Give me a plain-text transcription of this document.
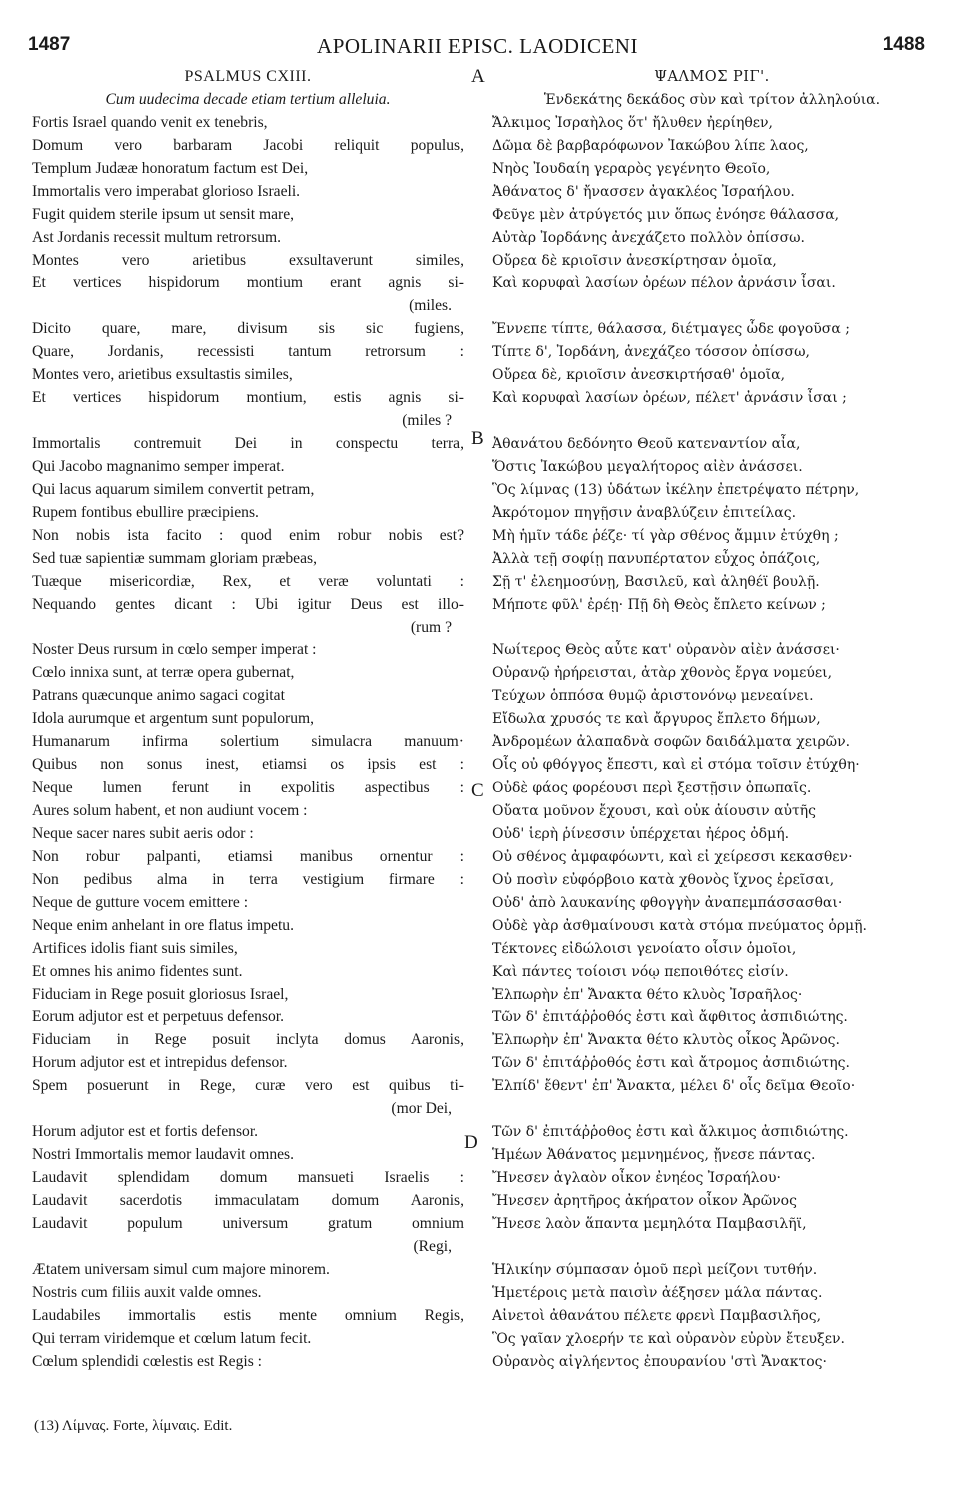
1487	APOLINARII EPISC. LAODICENI	1488
PSALMUS CXIII.
Cum uudecima decade etiam tertium alleluia.
Fortis Israel quando venit ex tenebris,
Domum vero barbaram Jacobi reliquit populus,
Templum Judææ honoratum factum est Dei,
Immortalis vero imperabat glorioso Israeli.
Fugit quidem sterile ipsum ut sensit mare,
Ast Jordanis recessit multum retrorsum.
Montes vero arietibus exsultaverunt similes,
Et vertices hispidorum montium erant agnis si-
(miles.
Dicito quare, mare, divisum sis sic fugiens,
Quare, Jordanis, recessisti tantum retrorsum :
Montes vero, arietibus exsultastis similes,
Et vertices hispidorum montium, estis agnis si-
(miles ?
Immortalis contremuit Dei in conspectu terra,
Qui Jacobo magnanimo semper imperat.
Qui lacus aquarum similem convertit petram,
Rupem fontibus ebullire præcipiens.
Non nobis ista facito : quod enim robur nobis est?
Sed tuæ sapientiæ summam gloriam præbeas,
Tuæque misericordiæ, Rex, et veræ voluntati :
Nequando gentes dicant : Ubi igitur Deus est illo-
(rum ?
Noster Deus rursum in cœlo semper imperat :
Cœlo innixa sunt, at terræ opera gubernat,
Patrans quæcunque animo sagaci cogitat
Idola aurumque et argentum sunt populorum,
Humanarum infirma solertium simulacra manuum·
Quibus non sonus inest, etiamsi os ipsis est :
Neque lumen ferunt in expolitis aspectibus :
Aures solum habent, et non audiunt vocem :
Neque sacer nares subit aeris odor :
Non robur palpanti, etiamsi manibus ornentur :
Non pedibus alma in terra vestigium firmare :
Neque de gutture vocem emittere :
Neque enim anhelant in ore flatus impetu.
Artifices idolis fiant suis similes,
Et omnes his animo fidentes sunt.
Fiduciam in Rege posuit gloriosus Israel,
Eorum adjutor est et perpetuus defensor.
Fiduciam in Rege posuit inclyta domus Aaronis,
Horum adjutor est et intrepidus defensor.
Spem posuerunt in Rege, curæ vero est quibus ti-
(mor Dei,
Horum adjutor est et fortis defensor.
Nostri Immortalis memor laudavit omnes.
Laudavit splendidam domum mansueti Israelis :
Laudavit sacerdotis immaculatam domum Aaronis,
Laudavit populum universum gratum omnium
(Regi,
Ætatem universam simul cum majore minorem.
Nostris cum filiis auxit valde omnes.
Laudabiles immortalis estis mente omnium Regis,
Qui terram viridemque et cœlum latum fecit.
Cœlum splendidi cœlestis est Regis :
ΨΑΛΜΟΣ ΡΙΓ'.
Ἑνδεκάτης δεκάδος σὺν καὶ τρίτον ἀλληλούια.
Ἄλκιμος Ἰσραὴλος ὅτ' ἤλυθεν ἠερίηθεν,
Δῶμα δὲ βαρβαρόφωνον Ἰακώβου λίπε λαος,
Νηὸς Ἰουδαίη γεραρὸς γεγένητο Θεοῖο,
Ἀθάνατος δ' ἤνασσεν ἀγακλέος Ἰσραήλου.
Φεῦγε μὲν ἀτρύγετός μιν ὅπως ἐνόησε θάλασσα,
Αὐτὰρ Ἰορδάνης ἀνεχάζετο πολλὸν ὀπίσσω.
Οὔρεα δὲ κριοῖσιν ἀνεσκίρτησαν ὁμοῖα,
Καὶ κορυφαὶ λασίων ὀρέων πέλον ἀρνάσιν ἶσαι.
Ἔννεπε τίπτε, θάλασσα, διέτμαγες ὧδε φογοῦσα ;
Τίπτε δ', Ἰορδάνη, ἀνεχάζεο τόσσον ὀπίσσω,
Οὔρεα δὲ, κριοῖσιν ἀνεσκιρτήσαθ' ὁμοῖα,
Καὶ κορυφαὶ λασίων ὀρέων, πέλετ' ἀρνάσιν ἶσαι ;
Ἀθανάτου δεδόνητο Θεοῦ κατεναντίον αἶα,
Ὅστις Ἰακώβου μεγαλήτορος αἰὲν ἀνάσσει.
Ὃς λίμνας (13) ὑδάτων ἰκέλην ἐπετρέψατο πέτρην,
Ἀκρότομον πηγῇσιν ἀναβλύζειν ἐπιτείλας.
Μὴ ἡμῖν τάδε ῥέζε· τί γὰρ σθένος ἄμμιν ἐτύχθη ;
Ἀλλὰ τεῇ σοφίῃ πανυπέρτατον εὖχος ὀπάζοις,
Σῇ τ' ἐλεημοσύνῃ, Βασιλεῦ, καὶ ἀληθέϊ βουλῇ.
Μήποτε φῦλ' ἐρέῃ· Πῇ δὴ Θεὸς ἔπλετο κείνων ;
Νωίτερος Θεὸς αὖτε κατ' οὐρανὸν αἰὲν ἀνάσσει·
Οὐρανῷ ἠρήρεισται, ἀτὰρ χθονὸς ἔργα νομεύει,
Τεύχων ὁππόσα θυμῷ ἀριστονόνῳ μενεαίνει.
Εἴδωλα χρυσός τε καὶ ἄργυρος ἔπλετο δήμων,
Ἀνδρομέων ἀλαπαδνὰ σοφῶν δαιδάλματα χειρῶν.
Οἷς οὐ φθόγγος ἔπεστι, καὶ εἰ στόμα τοῖσιν ἐτύχθη·
Οὐδὲ φάος φορέουσι περὶ ξεστῇσιν ὀπωπαῖς.
Οὔατα μοῦνον ἔχουσι, καὶ οὐκ ἀίουσιν αὐτῆς
Οὐδ' ἱερὴ ῥίνεσσιν ὑπέρχεται ἠέρος ὀδμή.
Οὐ σθένος ἀμφαφόωντι, καὶ εἰ χείρεσσι κεκασθεν·
Οὐ ποσὶν εὐφόρβοιο κατὰ χθονὸς ἴχνος ἐρεῖσαι,
Οὐδ' ἀπὸ λαυκανίης φθογγὴν ἀναπεμπάσσασθαι·
Οὐδὲ γὰρ ἀσθμαίνουσι κατὰ στόμα πνεύματος ὁρμῇ.
Τέκτονες εἰδώλοισι γενοίατο οἷσιν ὁμοῖοι,
Καὶ πάντες τοίοισι νόῳ πεποιθότες εἰσίν.
Ἐλπωρὴν ἐπ' Ἄνακτα θέτο κλυὸς Ἰσραῆλος·
Τῶν δ' ἐπιτάῤῥοθός ἐστι καὶ ἄφθιτος ἀσπιδιώτης.
Ἐλπωρὴν ἐπ' Ἄνακτα θέτο κλυτὸς οἶκος Ἀρῶνος.
Τῶν δ' ἐπιτάῤῥοθός ἐστι καὶ ἄτρομος ἀσπιδιώτης.
Ἐλπίδ' ἔθεντ' ἐπ' Ἄνακτα, μέλει δ' οἷς δεῖμα Θεοῖο·
Τῶν δ' ἐπιτάῤῥοθος ἐστι καὶ ἄλκιμος ἀσπιδιώτης.
Ἡμέων Ἀθάνατος μεμνημένος, ᾔνεσε πάντας.
Ἤνεσεν ἀγλαὸν οἶκον ἐνηέος Ἰσραήλου·
Ἤνεσεν ἀρητῆρος ἀκήρατον οἶκον Ἀρῶνος
Ἤνεσε λαὸν ἅπαντα μεμηλότα Παμβασιλῆϊ,
Ἡλικίην σύμπασαν ὁμοῦ περὶ μείζονι τυτθήν.
Ἡμετέροις μετὰ παισὶν ἀέξησεν μάλα πάντας.
Αἰνετοὶ ἀθανάτου πέλετε φρενὶ Παμβασιλῆος,
Ὃς γαῖαν χλοερήν τε καὶ οὐρανὸν εὐρὺν ἔτευξεν.
Οὐρανὸς αἰγλήεντος ἐπουρανίου 'στὶ Ἄνακτος·
A
B
C
D
(13) Λίμνας. Forte, λίμναις. Edit.
